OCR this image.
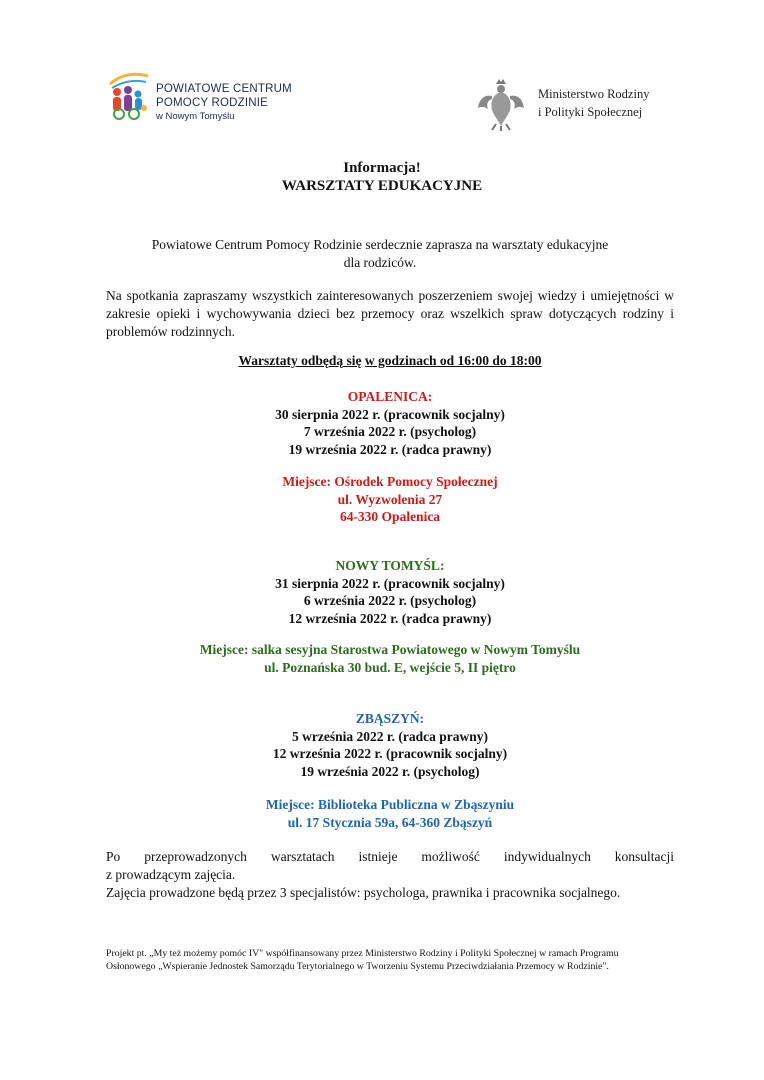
POWIATOWE CENTRUM
POMOCY RODZINIE
w Nowym Tomyślu
Ministerstwo Rodziny
i Polityki Społecznej
Informacja!
WARSZTATY EDUKACYJNE
Powiatowe Centrum Pomocy Rodzinie serdecznie zaprasza na warsztaty edukacyjne
dla rodziców.
Na spotkania zapraszamy wszystkich zainteresowanych poszerzeniem swojej wiedzy i umiejętności w zakresie opieki i wychowywania dzieci bez przemocy oraz wszelkich spraw dotyczących rodziny i problemów rodzinnych.
Warsztaty odbędą się w godzinach od 16:00 do 18:00
OPALENICA:
30 sierpnia 2022 r. (pracownik socjalny)
7 września 2022 r. (psycholog)
19 września 2022 r. (radca prawny)
Miejsce: Ośrodek Pomocy Społecznej
ul. Wyzwolenia 27
64-330 Opalenica
NOWY TOMYŚL:
31 sierpnia 2022 r. (pracownik socjalny)
6 września 2022 r. (psycholog)
12 września 2022 r. (radca prawny)
Miejsce: salka sesyjna Starostwa Powiatowego w Nowym Tomyślu
ul. Poznańska 30 bud. E, wejście 5, II piętro
ZBĄSZYŃ:
5 września 2022 r. (radca prawny)
12 września 2022 r. (pracownik socjalny)
19 września 2022 r. (psycholog)
Miejsce: Biblioteka Publiczna w Zbąszyniu
ul. 17 Stycznia 59a, 64-360 Zbąszyń
Po przeprowadzonych warsztatach istnieje możliwość indywidualnych konsultacji
z prowadzącym zajęcia.
Zajęcia prowadzone będą przez 3 specjalistów: psychologa, prawnika i pracownika socjalnego.
Projekt pt. „My też możemy pomóc IV" współfinansowany przez Ministerstwo Rodziny i Polityki Społecznej w ramach Programu Osłonowego „Wspieranie Jednostek Samorządu Terytorialnego w Tworzeniu Systemu Przeciwdziałania Przemocy w Rodzinie".
